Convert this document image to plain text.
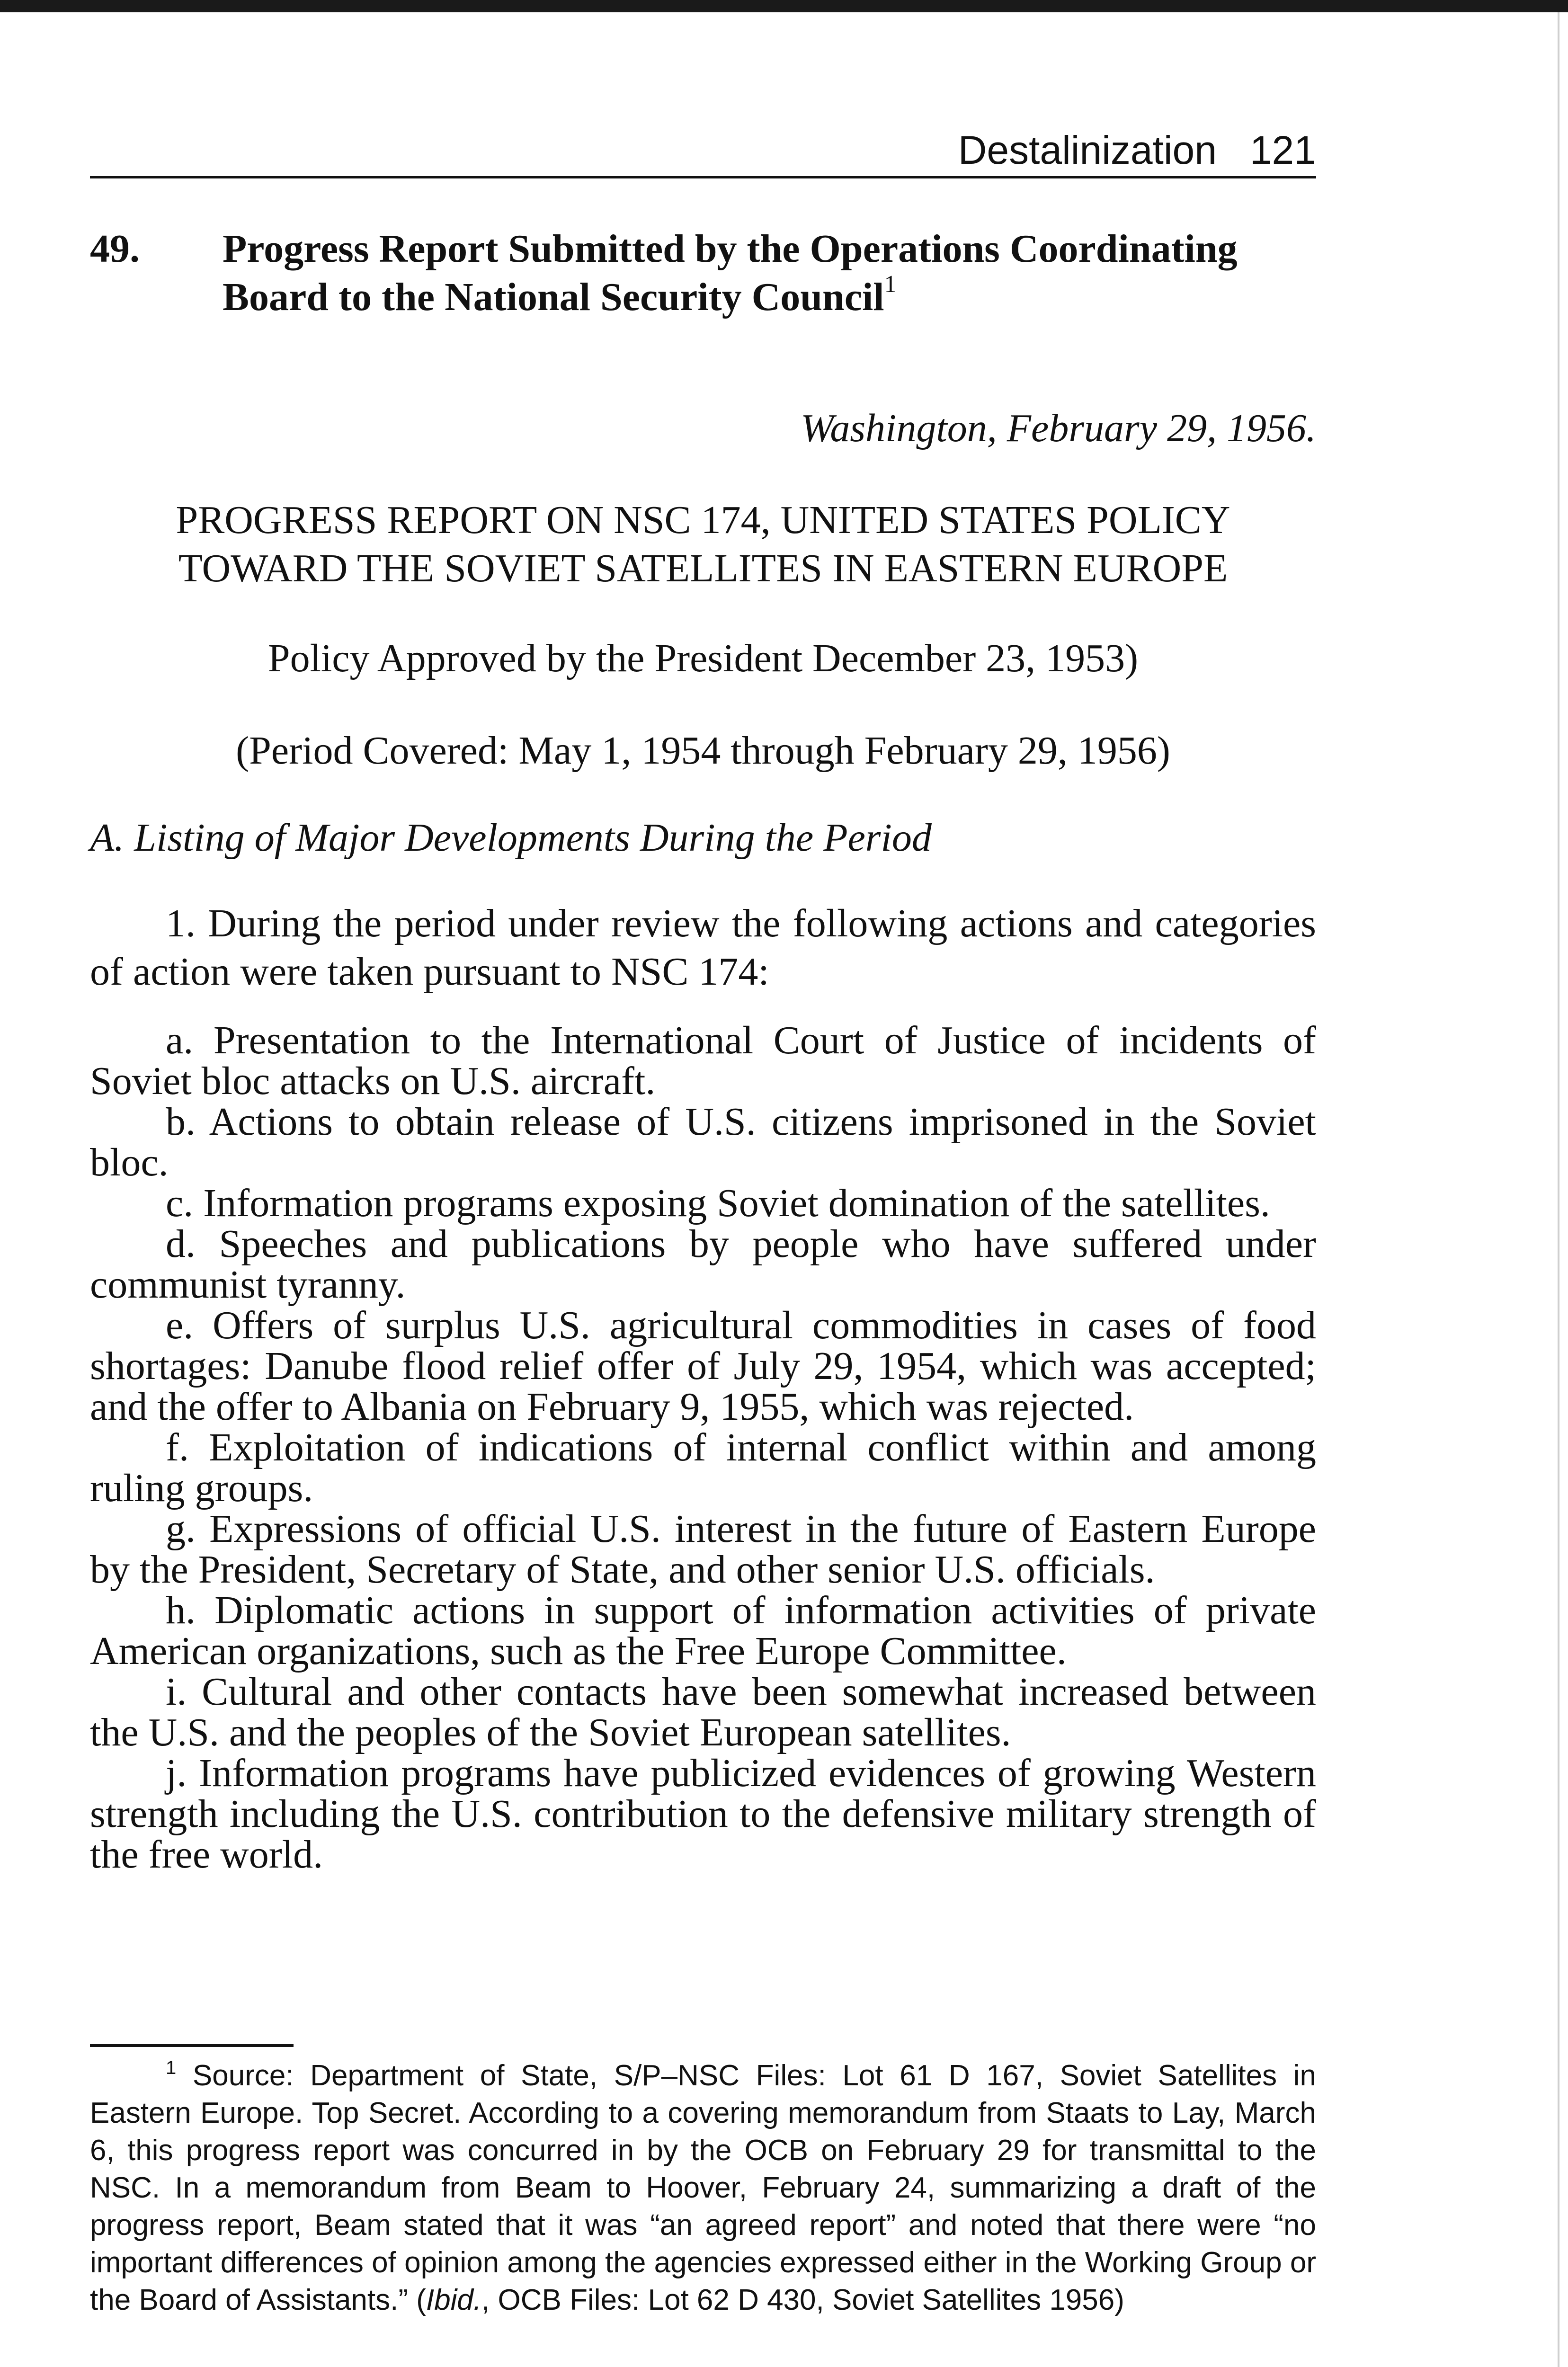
Destalinization 121
49. Progress Report Submitted by the Operations Coordinating Board to the National Security Council$^1$
Washington, February 29, 1956.
PROGRESS REPORT ON NSC 174, UNITED STATES POLICY
TOWARD THE SOVIET SATELLITES IN EASTERN EUROPE
Policy Approved by the President December 23, 1953)
(Period Covered: May 1, 1954 through February 29, 1956)
A. Listing of Major Developments During the Period

1. During the period under review the following actions and categories of action were taken pursuant to NSC 174:

a. Presentation to the International Court of Justice of incidents of Soviet bloc attacks on U.S. aircraft.

b. Actions to obtain release of U.S. citizens imprisoned in the Soviet bloc.

c. Information programs exposing Soviet domination of the satellites.

d. Speeches and publications by people who have suffered under communist tyranny.

e. Offers of surplus U.S. agricultural commodities in cases of food shortages: Danube flood relief offer of July 29, 1954, which was accepted; and the offer to Albania on February 9, 1955, which was rejected.

f. Exploitation of indications of internal conflict within and among ruling groups.

g. Expressions of official U.S. interest in the future of Eastern Europe by the President, Secretary of State, and other senior U.S. officials.

h. Diplomatic actions in support of information activities of private American organizations, such as the Free Europe Committee.

i. Cultural and other contacts have been somewhat increased between the U.S. and the peoples of the Soviet European satellites.

j. Information programs have publicized evidences of growing Western strength including the U.S. contribution to the defensive military strength of the free world.

$^1$ Source: Department of State, S/P–NSC Files: Lot 61 D 167, Soviet Satellites in Eastern Europe. Top Secret. According to a covering memorandum from Staats to Lay, March 6, this progress report was concurred in by the OCB on February 29 for transmittal to the NSC. In a memorandum from Beam to Hoover, February 24, summarizing a draft of the progress report, Beam stated that it was “an agreed report” and noted that there were “no important differences of opinion among the agencies expressed either in the Working Group or the Board of Assistants.” (Ibid., OCB Files: Lot 62 D 430, Soviet Satellites 1956)
